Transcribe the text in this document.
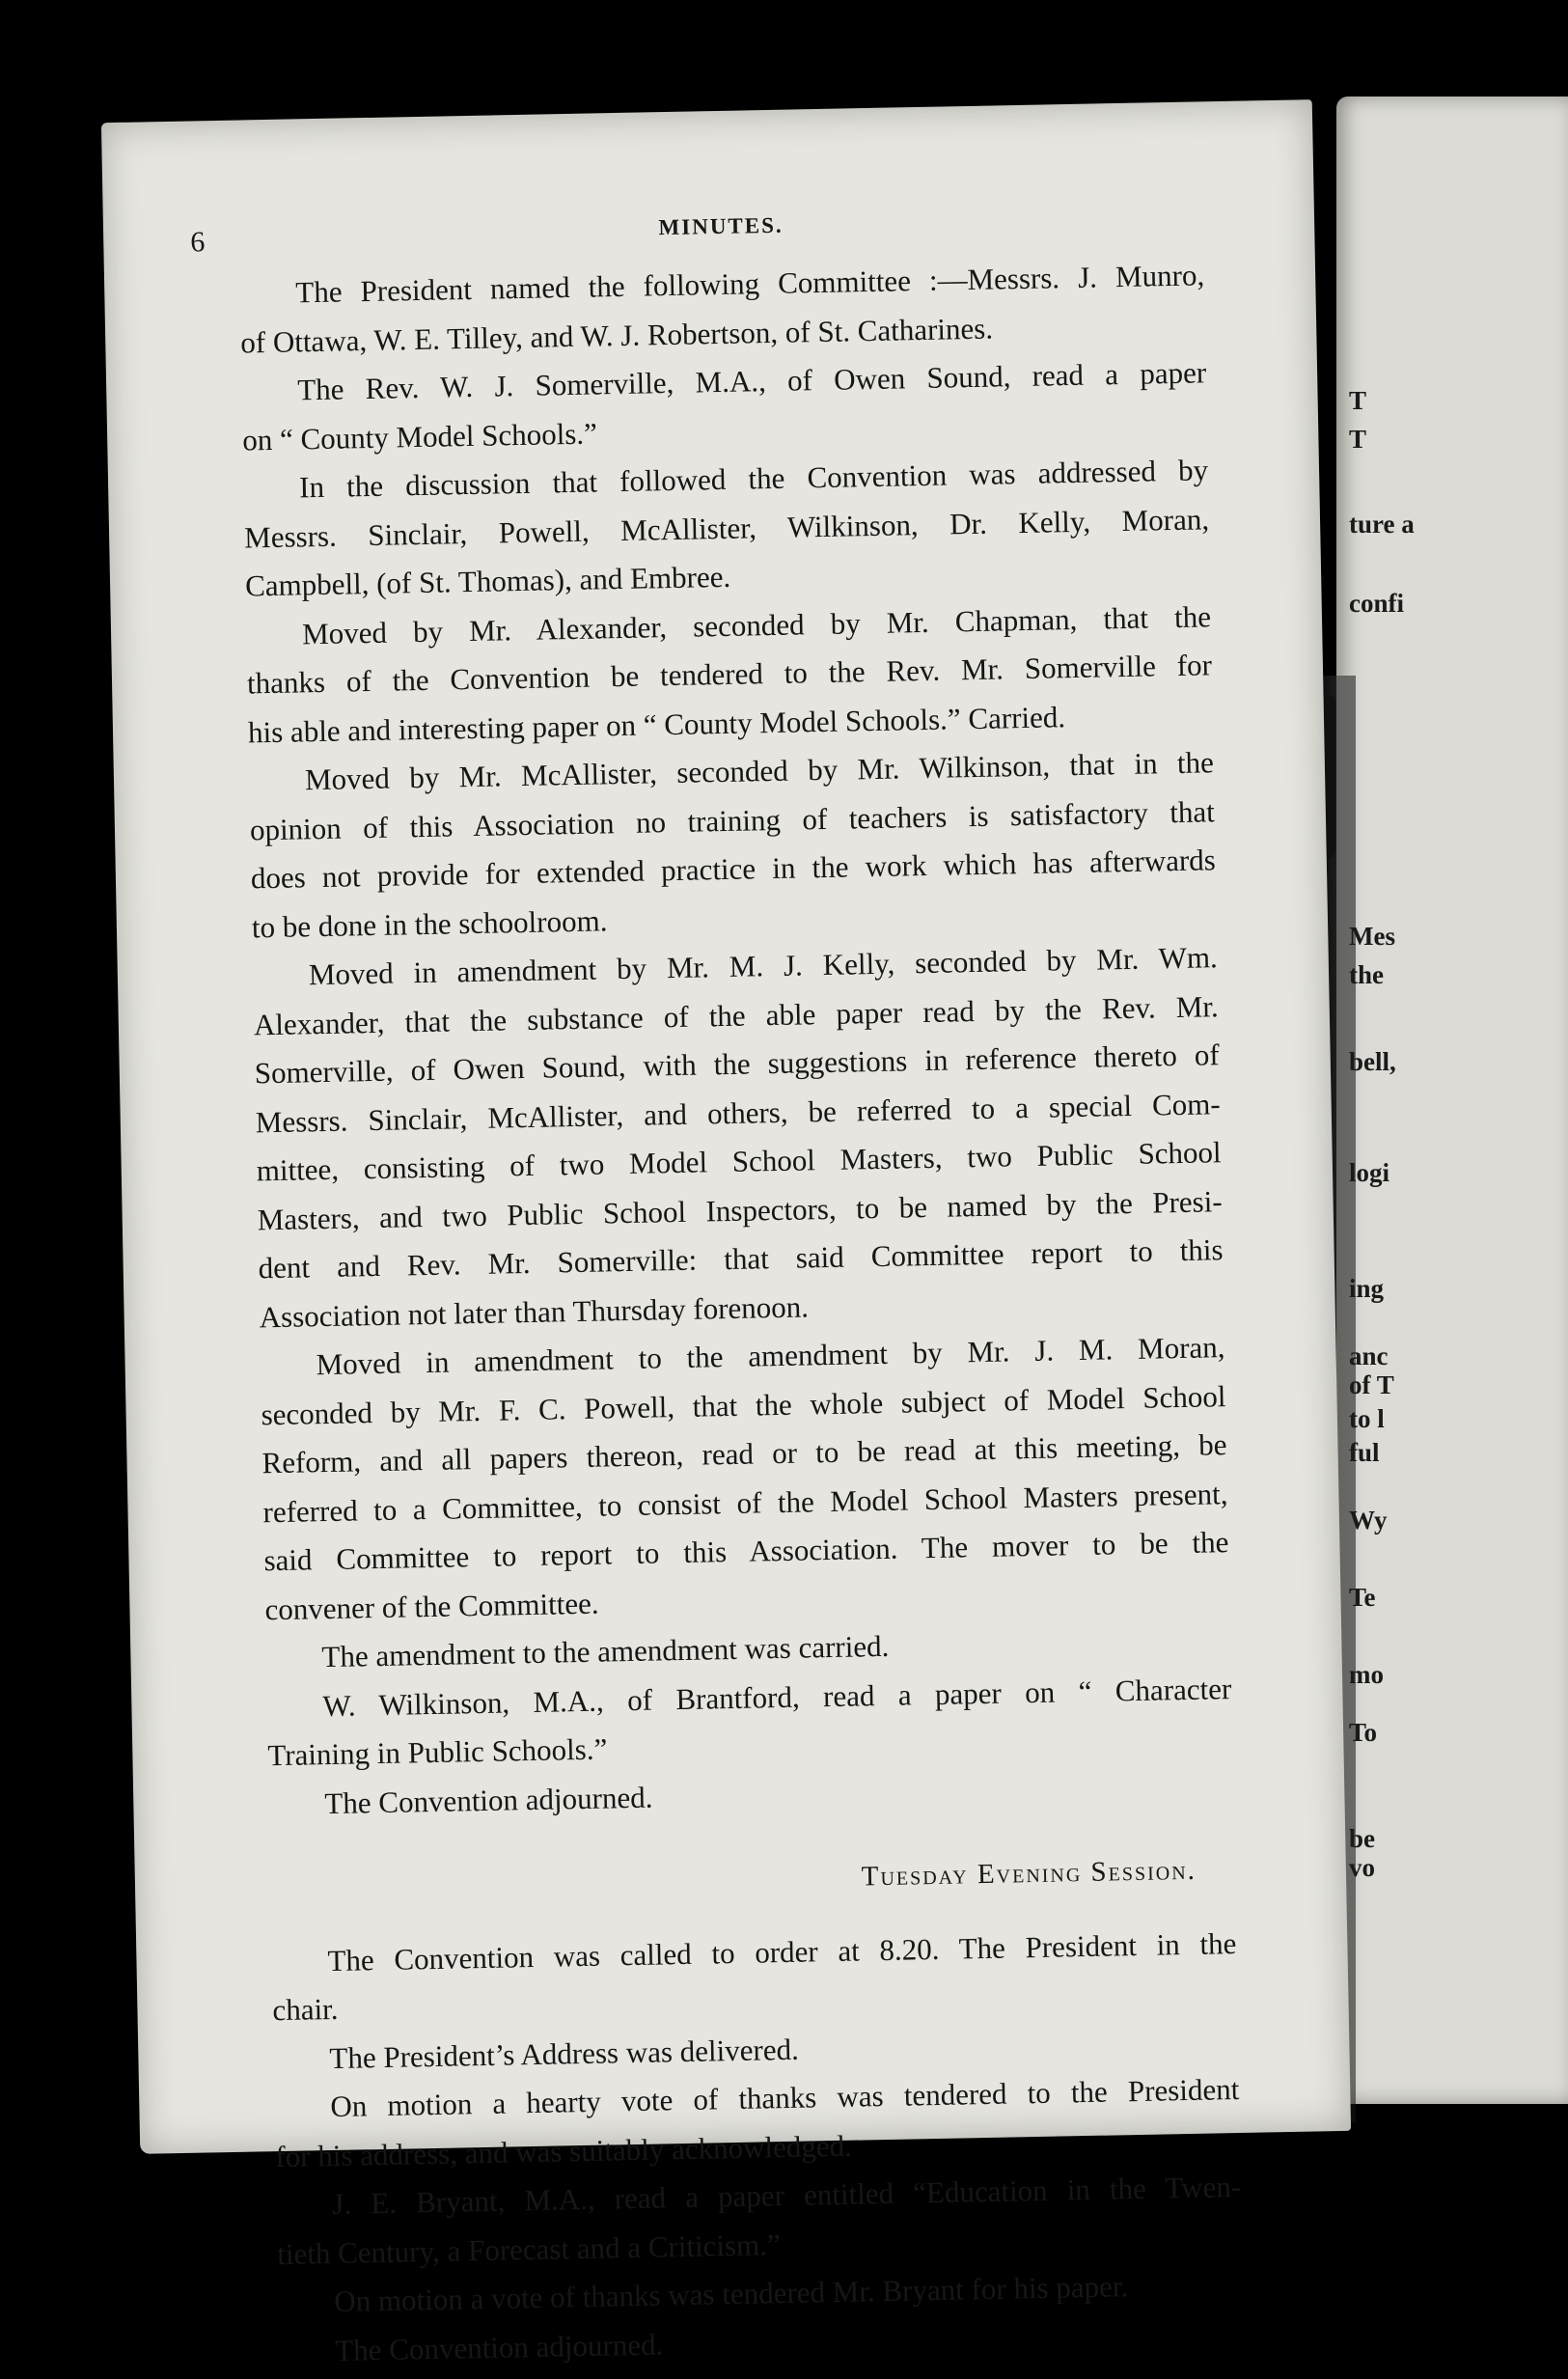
6	MINUTES.

The President named the following Committee :—Messrs. J. Munro,
of Ottawa, W. E. Tilley, and W. J. Robertson, of St. Catharines.

The Rev. W. J. Somerville, M.A., of Owen Sound, read a paper
on “ County Model Schools.”

In the discussion that followed the Convention was addressed by
Messrs. Sinclair, Powell, McAllister, Wilkinson, Dr. Kelly, Moran,
Campbell, (of St. Thomas), and Embree.

Moved by Mr. Alexander, seconded by Mr. Chapman, that the
thanks of the Convention be tendered to the Rev. Mr. Somerville for
his able and interesting paper on “ County Model Schools.” Carried.

Moved by Mr. McAllister, seconded by Mr. Wilkinson, that in the
opinion of this Association no training of teachers is satisfactory that
does not provide for extended practice in the work which has afterwards
to be done in the schoolroom.

Moved in amendment by Mr. M. J. Kelly, seconded by Mr. Wm.
Alexander, that the substance of the able paper read by the Rev. Mr.
Somerville, of Owen Sound, with the suggestions in reference thereto of
Messrs. Sinclair, McAllister, and others, be referred to a special Com-
mittee, consisting of two Model School Masters, two Public School
Masters, and two Public School Inspectors, to be named by the Presi-
dent and Rev. Mr. Somerville: that said Committee report to this
Association not later than Thursday forenoon.

Moved in amendment to the amendment by Mr. J. M. Moran,
seconded by Mr. F. C. Powell, that the whole subject of Model School
Reform, and all papers thereon, read or to be read at this meeting, be
referred to a Committee, to consist of the Model School Masters present,
said Committee to report to this Association. The mover to be the
convener of the Committee.

The amendment to the amendment was carried.

W. Wilkinson, M.A., of Brantford, read a paper on “ Character
Training in Public Schools.”

The Convention adjourned.

Tuesday Evening Session.

The Convention was called to order at 8.20. The President in the
chair.

The President’s Address was delivered.

On motion a hearty vote of thanks was tendered to the President
for his address, and was suitably acknowledged.

J. E. Bryant, M.A., read a paper entitled “Education in the Twen-
tieth Century, a Forecast and a Criticism.”

On motion a vote of thanks was tendered Mr. Bryant for his paper.

The Convention adjourned.

T
T
ture a
confi
Mes
the
bell,
logi
ing
anc
of T
to l
ful
Wy
Te
mo
To
be
vo
